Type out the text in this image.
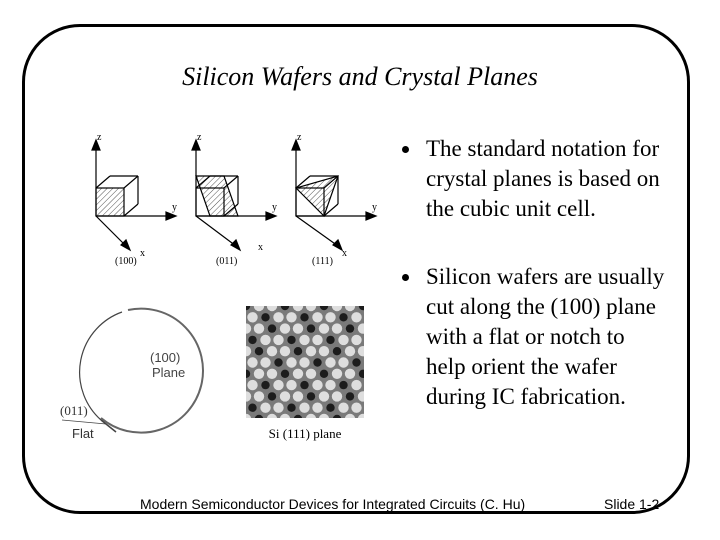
Silicon Wafers and Crystal Planes
z
y
x
z
y
x
z
y
x
(100)	(011)	(111)
(100)
Plane
(011)
Flat	Si (111) plane
The standard notation for crystal planes is based on the cubic unit cell.
Silicon wafers are usually cut along the (100) plane with a flat or notch to help orient the wafer during IC fabrication.
Modern Semiconductor Devices for Integrated Circuits (C. Hu)	Slide 1-2
